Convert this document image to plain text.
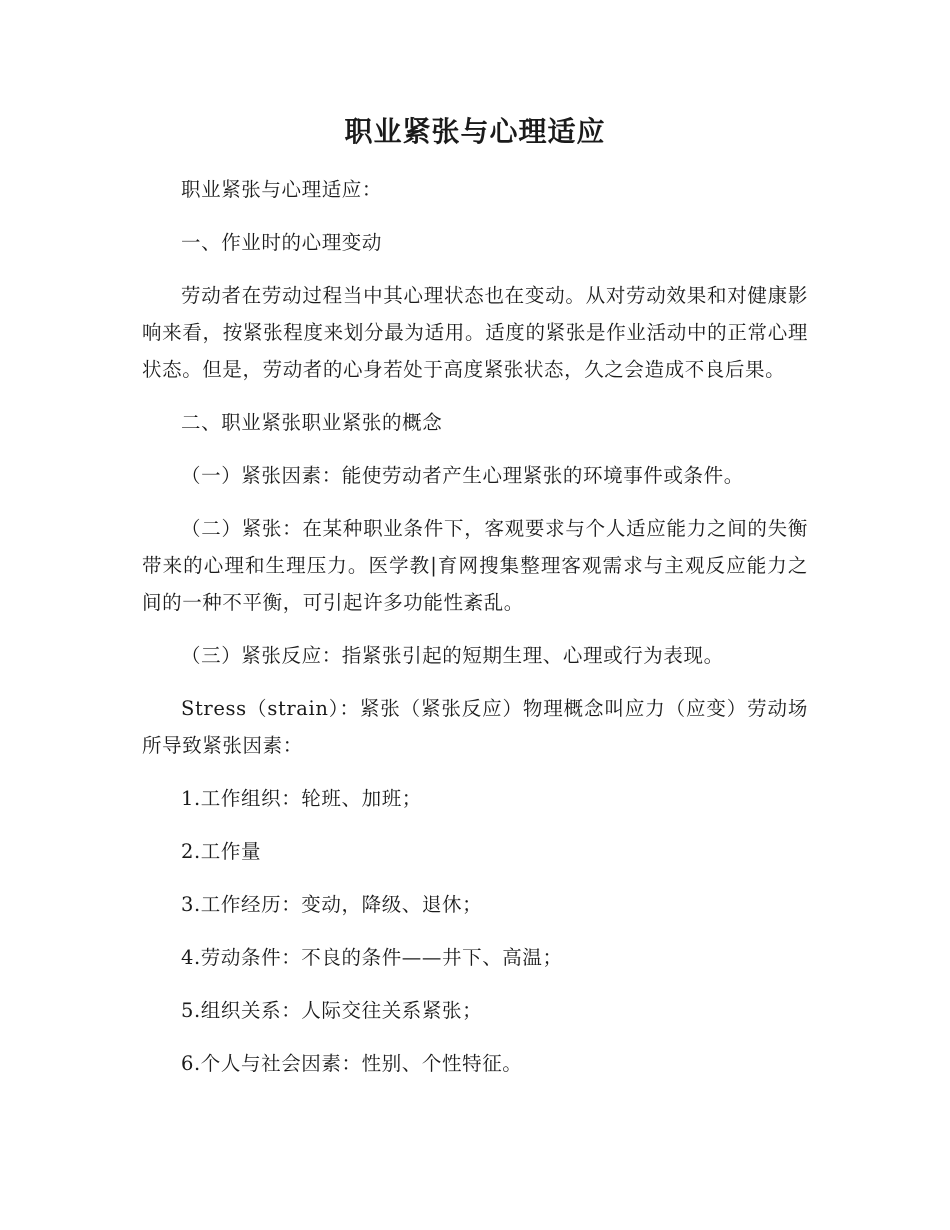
职业紧张与心理适应

职业紧张与心理适应：

一、作业时的心理变动

劳动者在劳动过程当中其心理状态也在变动。从对劳动效果和对健康影响来看，按紧张程度来划分最为适用。适度的紧张是作业活动中的正常心理状态。但是，劳动者的心身若处于高度紧张状态，久之会造成不良后果。

二、职业紧张职业紧张的概念

（一）紧张因素：能使劳动者产生心理紧张的环境事件或条件。

（二）紧张：在某种职业条件下，客观要求与个人适应能力之间的失衡带来的心理和生理压力。医学教|育网搜集整理客观需求与主观反应能力之间的一种不平衡，可引起许多功能性紊乱。

（三）紧张反应：指紧张引起的短期生理、心理或行为表现。

Stress（strain）：紧张（紧张反应）物理概念叫应力（应变）劳动场所导致紧张因素：

1.工作组织：轮班、加班；

2.工作量

3.工作经历：变动，降级、退休；

4.劳动条件：不良的条件——井下、高温；

5.组织关系：人际交往关系紧张；

6.个人与社会因素：性别、个性特征。
